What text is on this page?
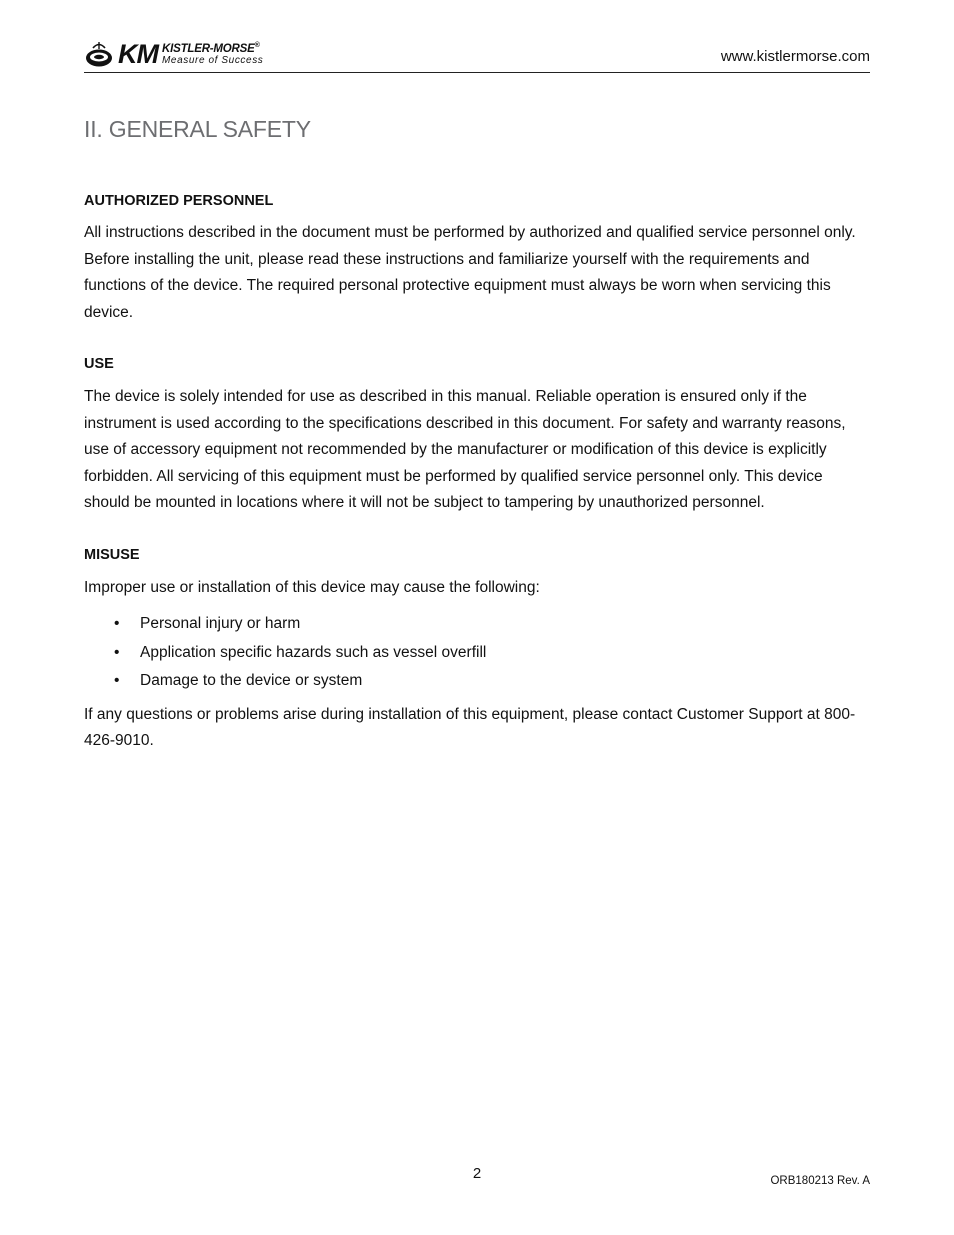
KM KISTLER-MORSE®
Measure of Success	www.kistlermorse.com
II. GENERAL SAFETY
AUTHORIZED PERSONNEL

All instructions described in the document must be performed by authorized and qualified service personnel only. Before installing the unit, please read these instructions and familiarize yourself with the requirements and functions of the device. The required personal protective equipment must always be worn when servicing this device.

USE

The device is solely intended for use as described in this manual. Reliable operation is ensured only if the instrument is used according to the specifications described in this document. For safety and warranty reasons, use of accessory equipment not recommended by the manufacturer or modification of this device is explicitly forbidden. All servicing of this equipment must be performed by qualified service personnel only. This device should be mounted in locations where it will not be subject to tampering by unauthorized personnel.

MISUSE

Improper use or installation of this device may cause the following:

• Personal injury or harm
• Application specific hazards such as vessel overfill
• Damage to the device or system

If any questions or problems arise during installation of this equipment, please contact Customer Support at 800-426-9010.

2	ORB180213 Rev. A
